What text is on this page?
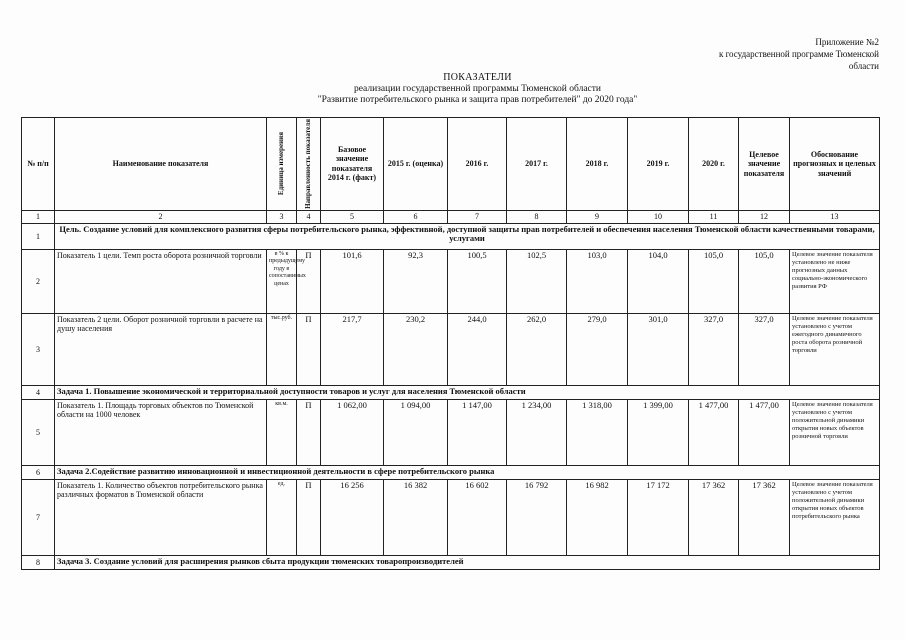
Приложение №2
к государственной программе Тюменской
области
ПОКАЗАТЕЛИ
реализации государственной программы Тюменской области
"Развитие потребительского рынка и защита прав потребителей" до 2020 года"
№ п/п	Наименование показателя	Единица измерения	Направленность показателя	Базовое значение показателя 2014 г. (факт)	2015 г. (оценка)	2016 г.	2017 г.	2018 г.	2019 г.	2020 г.	Целевое значение показателя	Обоснование прогнозных и целевых значений
1	2	3	4	5	6	7	8	9	10	11	12	13
1	Цель. Создание условий для комплексного развития сферы потребительского рынка, эффективной, доступной защиты прав потребителей и обеспечения населения Тюменской области качественными товарами, услугами											
2	Показатель 1 цели. Темп роста оборота розничной торговли	в % к предыдущему году в сопоставимых ценах	П	101,6	92,3	100,5	102,5	103,0	104,0	105,0	105,0	Целевое значение показателя установлено не ниже прогнозных данных социально-экономического развития РФ
3	Показатель 2 цели. Оборот розничной торговли в расчете на душу населения	тыс.руб.	П	217,7	230,2	244,0	262,0	279,0	301,0	327,0	327,0	Целевое значение показателя установлено с учетом ежегодного динамичного роста оборота розничной торговли
4	Задача 1. Повышение экономической и территориальной доступности товаров и услуг для населения Тюменской области											
5	Показатель 1. Площадь торговых объектов по Тюменской области на 1000 человек	кв.м.	П	1 062,00	1 094,00	1 147,00	1 234,00	1 318,00	1 399,00	1 477,00	1 477,00	Целевое значение показателя установлено с учетом положительной динамики открытия новых объектов розничной торговли
6	Задача 2.Содействие развитию инновационной и инвестиционной деятельности в сфере потребительского рынка											
7	Показатель 1. Количество объектов потребительского рынка различных форматов в Тюменской области	ед.	П	16 256	16 382	16 602	16 792	16 982	17 172	17 362	17 362	Целевое значение показателя установлено с учетом положительной динамики открытия новых объектов потребительского рынка
8	Задача 3. Создание условий для расширения рынков сбыта продукции тюменских товаропроизводителей											
